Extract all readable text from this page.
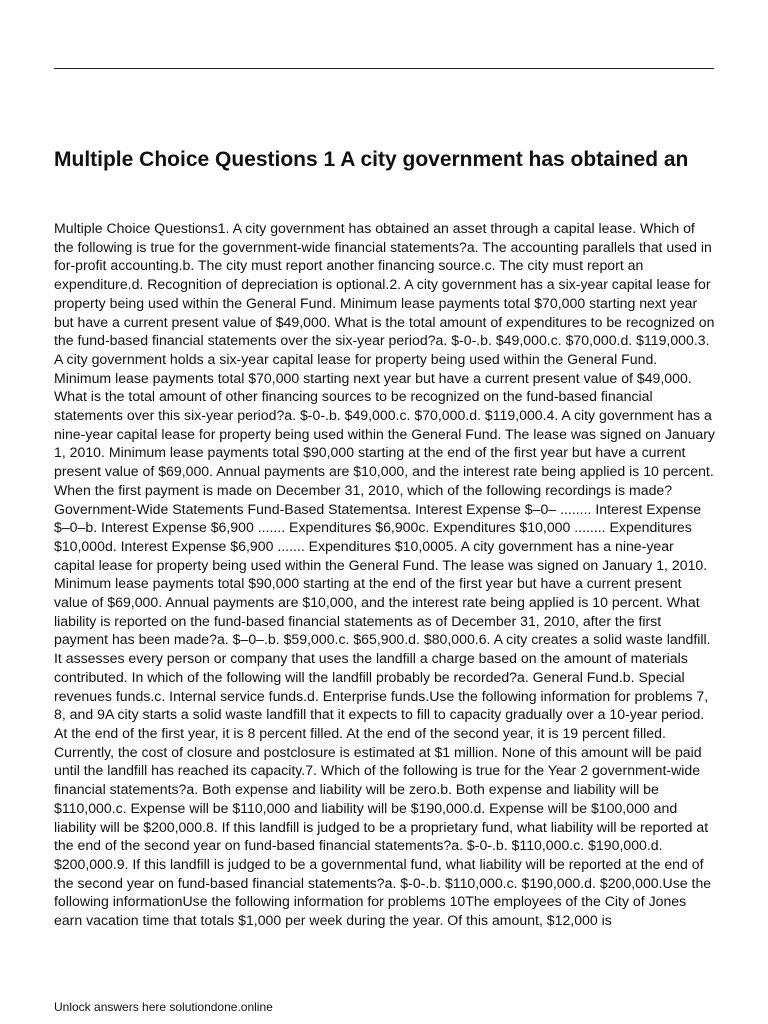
Multiple Choice Questions 1 A city government has obtained an

Multiple Choice Questions1. A city government has obtained an asset through a capital lease. Which of the following is true for the government-wide financial statements?a. The accounting parallels that used in for-profit accounting.b. The city must report another financing source.c. The city must report an expenditure.d. Recognition of depreciation is optional.2. A city government has a six-year capital lease for property being used within the General Fund. Minimum lease payments total $70,000 starting next year but have a current present value of $49,000. What is the total amount of expenditures to be recognized on the fund-based financial statements over the six-year period?a. $-0-.b. $49,000.c. $70,000.d. $119,000.3. A city government holds a six-year capital lease for property being used within the General Fund. Minimum lease payments total $70,000 starting next year but have a current present value of $49,000. What is the total amount of other financing sources to be recognized on the fund-based financial statements over this six-year period?a. $-0-.b. $49,000.c. $70,000.d. $119,000.4. A city government has a nine-year capital lease for property being used within the General Fund. The lease was signed on January 1, 2010. Minimum lease payments total $90,000 starting at the end of the first year but have a current present value of $69,000. Annual payments are $10,000, and the interest rate being applied is 10 percent. When the first payment is made on December 31, 2010, which of the following recordings is made?Government-Wide Statements Fund-Based Statementsa. Interest Expense $–0– ........ Interest Expense $–0–b. Interest Expense $6,900 ....... Expenditures $6,900c. Expenditures $10,000 ........ Expenditures $10,000d. Interest Expense $6,900 ....... Expenditures $10,0005. A city government has a nine-year capital lease for property being used within the General Fund. The lease was signed on January 1, 2010. Minimum lease payments total $90,000 starting at the end of the first year but have a current present value of $69,000. Annual payments are $10,000, and the interest rate being applied is 10 percent. What liability is reported on the fund-based financial statements as of December 31, 2010, after the first payment has been made?a. $–0–.b. $59,000.c. $65,900.d. $80,000.6. A city creates a solid waste landfill. It assesses every person or company that uses the landfill a charge based on the amount of materials contributed. In which of the following will the landfill probably be recorded?a. General Fund.b. Special revenues funds.c. Internal service funds.d. Enterprise funds.Use the following information for problems 7, 8, and 9A city starts a solid waste landfill that it expects to fill to capacity gradually over a 10-year period. At the end of the first year, it is 8 percent filled. At the end of the second year, it is 19 percent filled. Currently, the cost of closure and postclosure is estimated at $1 million. None of this amount will be paid until the landfill has reached its capacity.7. Which of the following is true for the Year 2 government-wide financial statements?a. Both expense and liability will be zero.b. Both expense and liability will be $110,000.c. Expense will be $110,000 and liability will be $190,000.d. Expense will be $100,000 and liability will be $200,000.8. If this landfill is judged to be a proprietary fund, what liability will be reported at the end of the second year on fund-based financial statements?a. $-0-.b. $110,000.c. $190,000.d. $200,000.9. If this landfill is judged to be a governmental fund, what liability will be reported at the end of the second year on fund-based financial statements?a. $-0-.b. $110,000.c. $190,000.d. $200,000.Use the following informationUse the following information for problems 10The employees of the City of Jones earn vacation time that totals $1,000 per week during the year. Of this amount, $12,000 is

Unlock answers here solutiondone.online
